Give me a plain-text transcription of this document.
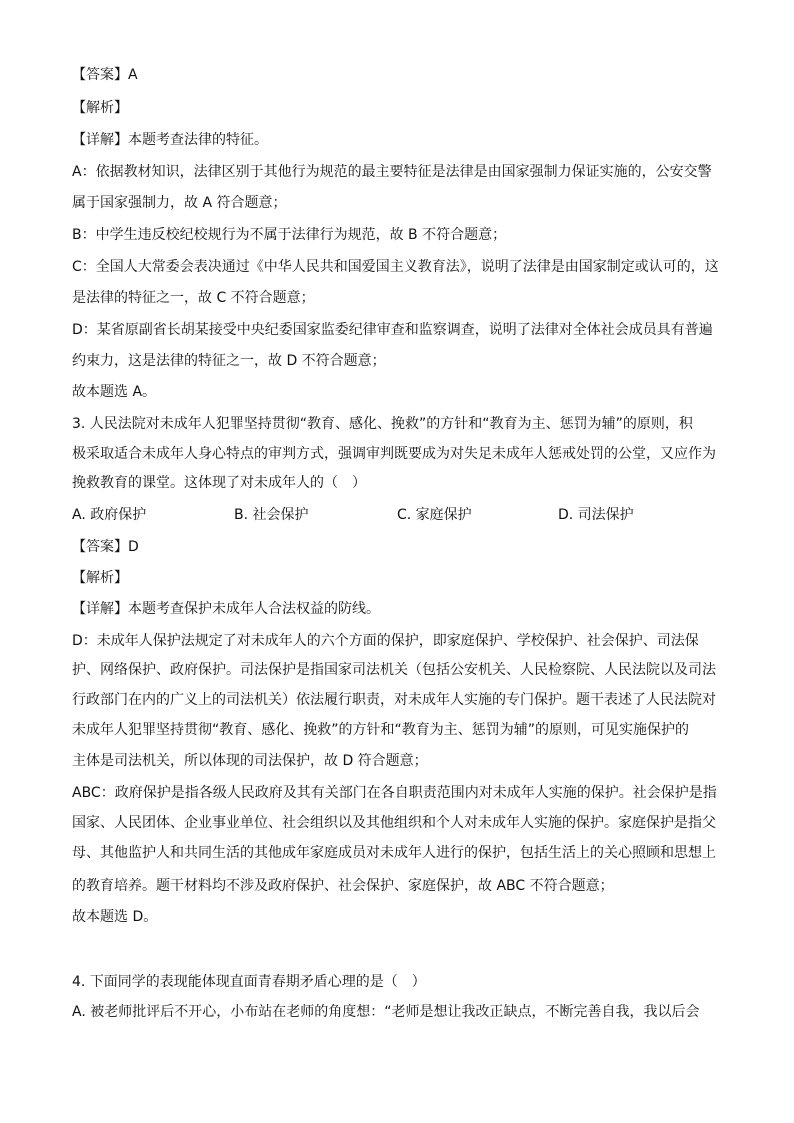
【答案】A
【解析】
【详解】本题考查法律的特征。
A：依据教材知识，法律区别于其他行为规范的最主要特征是法律是由国家强制力保证实施的，公安交警
属于国家强制力，故 A 符合题意；
B：中学生违反校纪校规行为不属于法律行为规范，故 B 不符合题意；
C：全国人大常委会表决通过《中华人民共和国爱国主义教育法》，说明了法律是由国家制定或认可的，这
是法律的特征之一，故 C 不符合题意；
D：某省原副省长胡某接受中央纪委国家监委纪律审查和监察调查，说明了法律对全体社会成员具有普遍
约束力，这是法律的特征之一，故 D 不符合题意；
故本题选 A。
3. 人民法院对未成年人犯罪坚持贯彻“教育、感化、挽救”的方针和“教育为主、惩罚为辅”的原则，积
极采取适合未成年人身心特点的审判方式，强调审判既要成为对失足未成年人惩戒处罚的公堂，又应作为
挽救教育的课堂。这体现了对未成年人的（　）
A. 政府保护	B. 社会保护	C. 家庭保护	D. 司法保护
【答案】D
【解析】
【详解】本题考查保护未成年人合法权益的防线。
D：未成年人保护法规定了对未成年人的六个方面的保护，即家庭保护、学校保护、社会保护、司法保
护、网络保护、政府保护。司法保护是指国家司法机关（包括公安机关、人民检察院、人民法院以及司法
行政部门在内的广义上的司法机关）依法履行职责，对未成年人实施的专门保护。题干表述了人民法院对
未成年人犯罪坚持贯彻“教育、感化、挽救”的方针和“教育为主、惩罚为辅”的原则，可见实施保护的
主体是司法机关，所以体现的司法保护，故 D 符合题意；
ABC：政府保护是指各级人民政府及其有关部门在各自职责范围内对未成年人实施的保护。社会保护是指
国家、人民团体、企业事业单位、社会组织以及其他组织和个人对未成年人实施的保护。家庭保护是指父
母、其他监护人和共同生活的其他成年家庭成员对未成年人进行的保护，包括生活上的关心照顾和思想上
的教育培养。题干材料均不涉及政府保护、社会保护、家庭保护，故 ABC 不符合题意；
故本题选 D。
4. 下面同学的表现能体现直面青春期矛盾心理的是（　）
A. 被老师批评后不开心，小布站在老师的角度想：“老师是想让我改正缺点，不断完善自我，我以后会
